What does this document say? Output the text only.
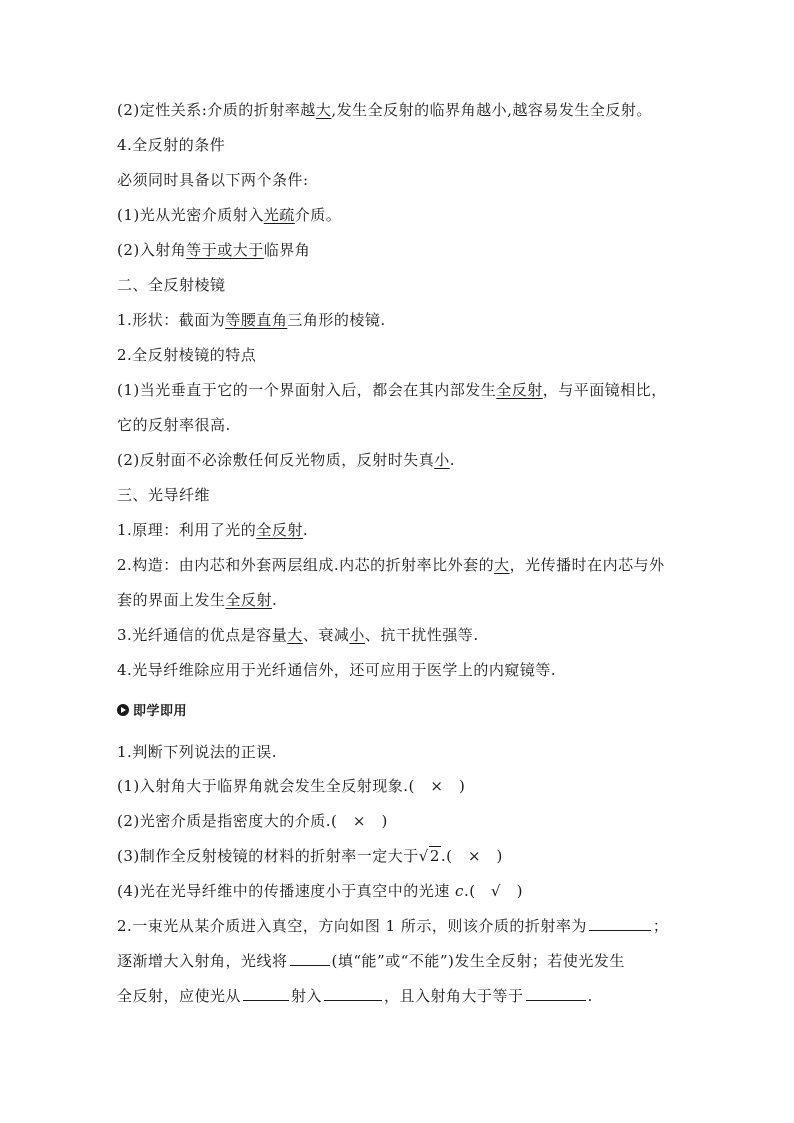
(2)定性关系:介质的折射率越大,发生全反射的临界角越小,越容易发生全反射。
4.全反射的条件
必须同时具备以下两个条件:
(1)光从光密介质射入光疏介质。
(2)入射角等于或大于临界角
二、全反射棱镜
1.形状：截面为等腰直角三角形的棱镜.
2.全反射棱镜的特点
(1)当光垂直于它的一个界面射入后，都会在其内部发生全反射，与平面镜相比，
它的反射率很高.
(2)反射面不必涂敷任何反光物质，反射时失真小.
三、光导纤维
1.原理：利用了光的全反射.
2.构造：由内芯和外套两层组成.内芯的折射率比外套的大，光传播时在内芯与外
套的界面上发生全反射.
3.光纤通信的优点是容量大、衰减小、抗干扰性强等.
4.光导纤维除应用于光纤通信外，还可应用于医学上的内窥镜等.
即学即用
1.判断下列说法的正误.
(1)入射角大于临界角就会发生全反射现象.(　×　)
(2)光密介质是指密度大的介质.(　×　)
(3)制作全反射棱镜的材料的折射率一定大于√2.(　×　)
(4)光在光导纤维中的传播速度小于真空中的光速 c.(　√　)
2.一束光从某介质进入真空，方向如图 1 所示，则该介质的折射率为	；
逐渐增大入射角，光线将	(填“能”或“不能”)发生全反射；若使光发生
全反射，应使光从	射入	，且入射角大于等于	.
